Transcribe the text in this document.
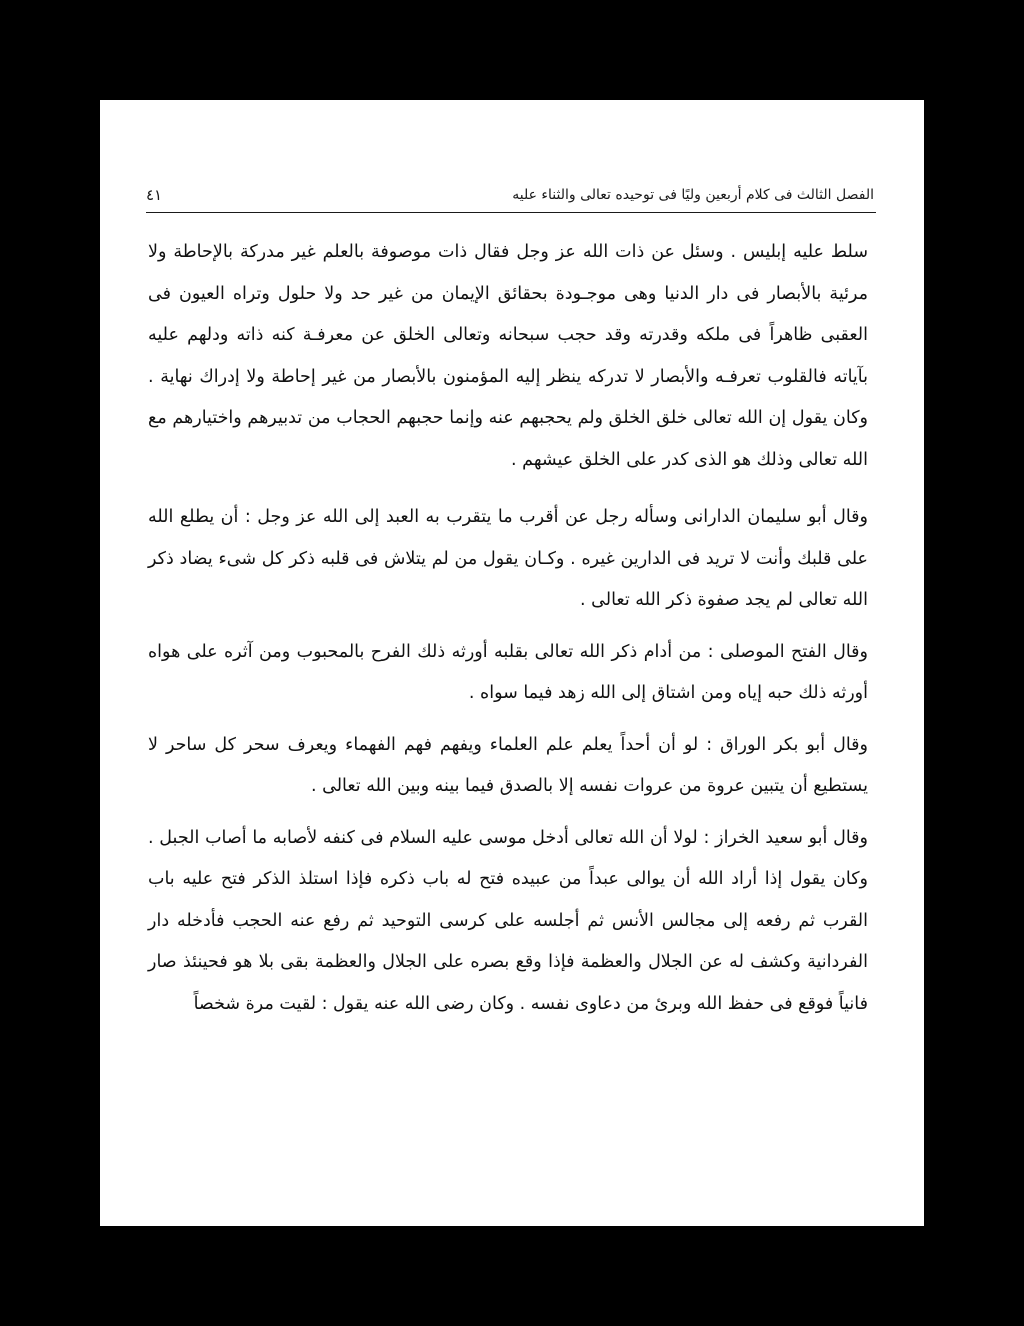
الفصل الثالث فى كلام أربعين وليًا فى توحيده تعالى والثناء عليه
٤١

سلط عليه إبليس . وسئل عن ذات الله عز وجل فقال ذات موصوفة بالعلم غير مدركة بالإحاطة ولا مرئية بالأبصار فى دار الدنيا وهى موجـودة بحقائق الإيمان من غير حد ولا حلول وتراه العيون فى العقبى ظاهراً فى ملكه وقدرته وقد حجب سبحانه وتعالى الخلق عن معرفـة كنه ذاته ودلهم عليه بآياته فالقلوب تعرفـه والأبصار لا تدركه ينظر إليه المؤمنون بالأبصار من غير إحاطة ولا إدراك نهاية . وكان يقول إن الله تعالى خلق الخلق ولم يحجبهم عنه وإنما حجبهم الحجاب من تدبيرهم واختيارهم مع الله تعالى وذلك هو الذى كدر على الخلق عيشهم .

وقال أبو سليمان الدارانى وسأله رجل عن أقرب ما يتقرب به العبد إلى الله عز وجل : أن يطلع الله على قلبك وأنت لا تريد فى الدارين غيره . وكـان يقول من لم يتلاش فى قلبه ذكر كل شىء يضاد ذكر الله تعالى لم يجد صفوة ذكر الله تعالى .

وقال الفتح الموصلى : من أدام ذكر الله تعالى بقلبه أورثه ذلك الفرح بالمحبوب ومن آثره على هواه أورثه ذلك حبه إياه ومن اشتاق إلى الله زهد فيما سواه .

وقال أبو بكر الوراق : لو أن أحداً يعلم علم العلماء ويفهم فهم الفهماء ويعرف سحر كل ساحر لا يستطيع أن يتبين عروة من عروات نفسه إلا بالصدق فيما بينه وبين الله تعالى .

وقال أبو سعيد الخراز : لولا أن الله تعالى أدخل موسى عليه السلام فى كنفه لأصابه ما أصاب الجبل . وكان يقول إذا أراد الله أن يوالى عبداً من عبيده فتح له باب ذكره فإذا استلذ الذكر فتح عليه باب القرب ثم رفعه إلى مجالس الأنس ثم أجلسه على كرسى التوحيد ثم رفع عنه الحجب فأدخله دار الفردانية وكشف له عن الجلال والعظمة فإذا وقع بصره على الجلال والعظمة بقى بلا هو فحينئذ صار فانياً فوقع فى حفظ الله وبرئ من دعاوى نفسه . وكان رضى الله عنه يقول : لقيت مرة شخصاً
